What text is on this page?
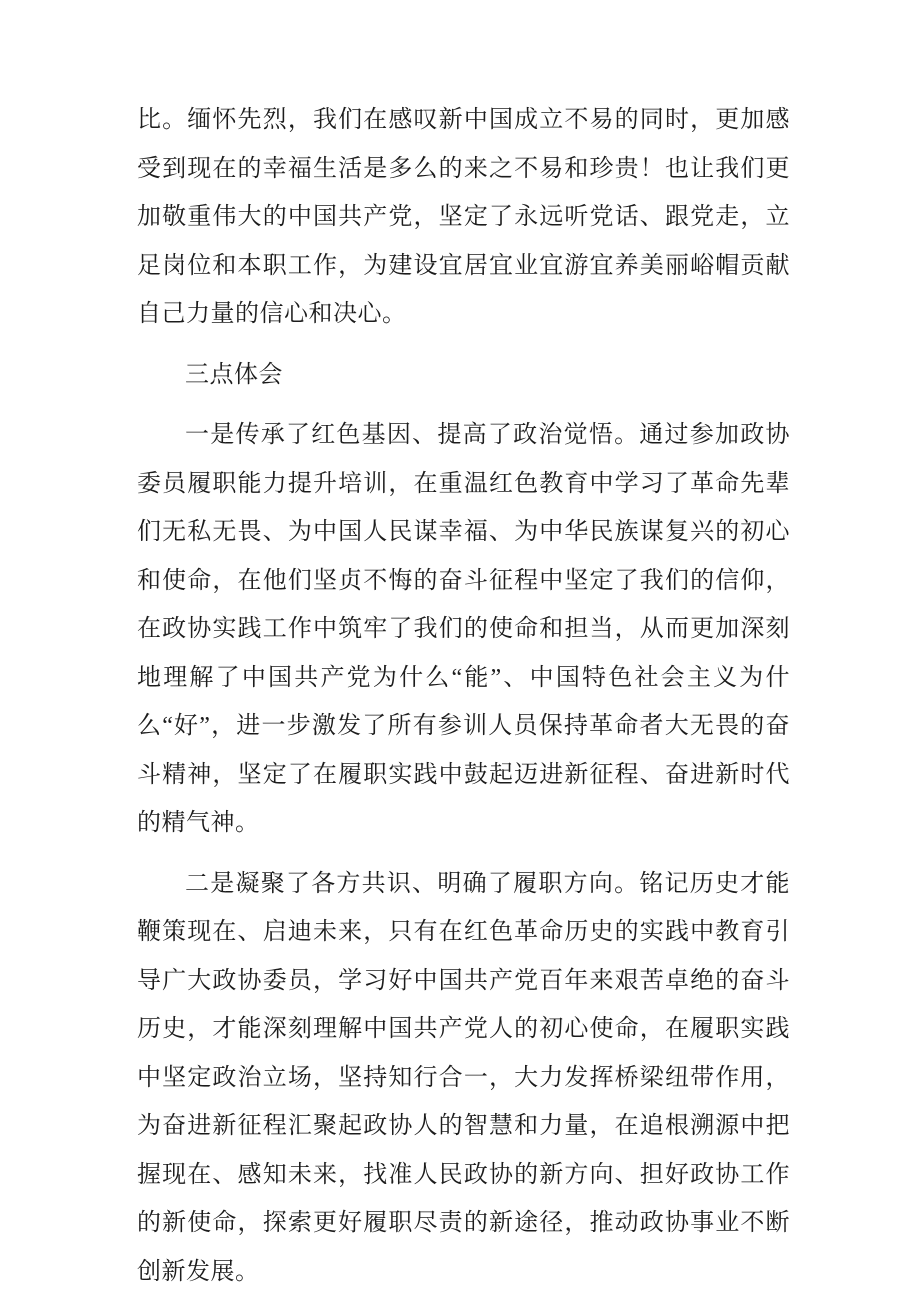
比。缅怀先烈，我们在感叹新中国成立不易的同时，更加感受到现在的幸福生活是多么的来之不易和珍贵！也让我们更加敬重伟大的中国共产党，坚定了永远听党话、跟党走，立足岗位和本职工作，为建设宜居宜业宜游宜养美丽峪帽贡献自己力量的信心和决心。

三点体会

一是传承了红色基因、提高了政治觉悟。通过参加政协委员履职能力提升培训，在重温红色教育中学习了革命先辈们无私无畏、为中国人民谋幸福、为中华民族谋复兴的初心和使命，在他们坚贞不悔的奋斗征程中坚定了我们的信仰，在政协实践工作中筑牢了我们的使命和担当，从而更加深刻地理解了中国共产党为什么“能”、中国特色社会主义为什么“好”，进一步激发了所有参训人员保持革命者大无畏的奋斗精神，坚定了在履职实践中鼓起迈进新征程、奋进新时代的精气神。

二是凝聚了各方共识、明确了履职方向。铭记历史才能鞭策现在、启迪未来，只有在红色革命历史的实践中教育引导广大政协委员，学习好中国共产党百年来艰苦卓绝的奋斗历史，才能深刻理解中国共产党人的初心使命，在履职实践中坚定政治立场，坚持知行合一，大力发挥桥梁纽带作用，为奋进新征程汇聚起政协人的智慧和力量，在追根溯源中把握现在、感知未来，找准人民政协的新方向、担好政协工作的新使命，探索更好履职尽责的新途径，推动政协事业不断创新发展。
